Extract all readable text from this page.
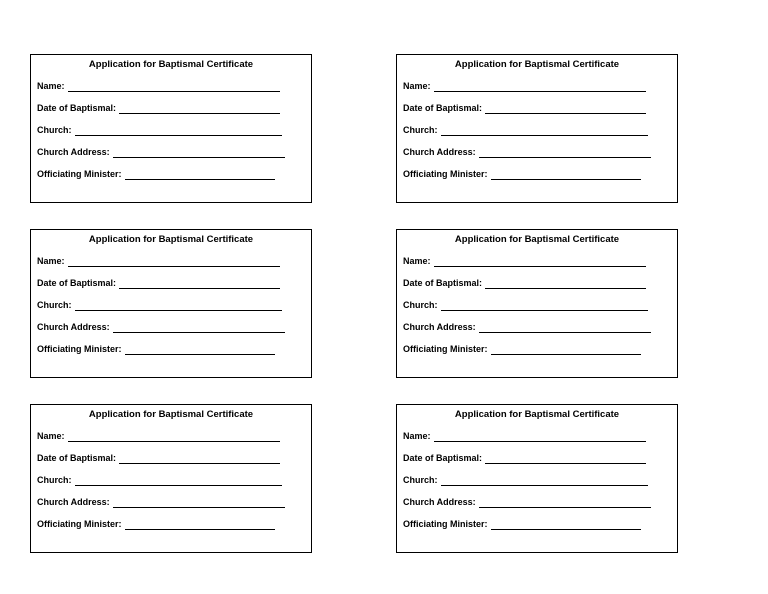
Application for Baptismal Certificate
Name:
Date of Baptismal:
Church:
Church Address:
Officiating Minister:
Application for Baptismal Certificate
Name:
Date of Baptismal:
Church:
Church Address:
Officiating Minister:
Application for Baptismal Certificate
Name:
Date of Baptismal:
Church:
Church Address:
Officiating Minister:
Application for Baptismal Certificate
Name:
Date of Baptismal:
Church:
Church Address:
Officiating Minister:
Application for Baptismal Certificate
Name:
Date of Baptismal:
Church:
Church Address:
Officiating Minister:
Application for Baptismal Certificate
Name:
Date of Baptismal:
Church:
Church Address:
Officiating Minister:
